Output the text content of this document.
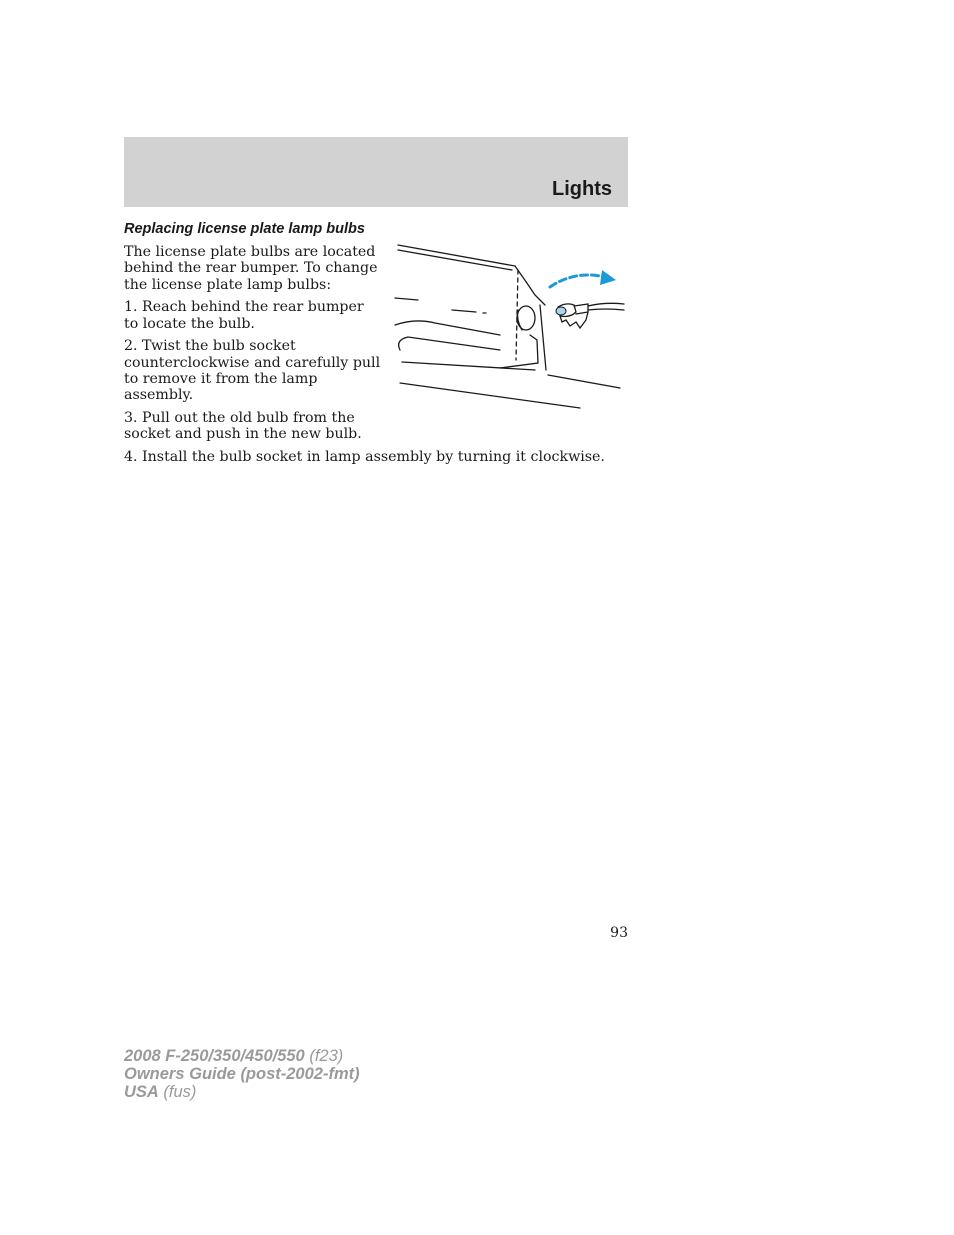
Lights
Replacing license plate lamp bulbs

The license plate bulbs are located behind the rear bumper. To change the license plate lamp bulbs:

1. Reach behind the rear bumper to locate the bulb.

2. Twist the bulb socket counterclockwise and carefully pull to remove it from the lamp assembly.

3. Pull out the old bulb from the socket and push in the new bulb.

4. Install the bulb socket in lamp assembly by turning it clockwise.
93
2008 F-250/350/450/550 (f23)
Owners Guide (post-2002-fmt)
USA (fus)
